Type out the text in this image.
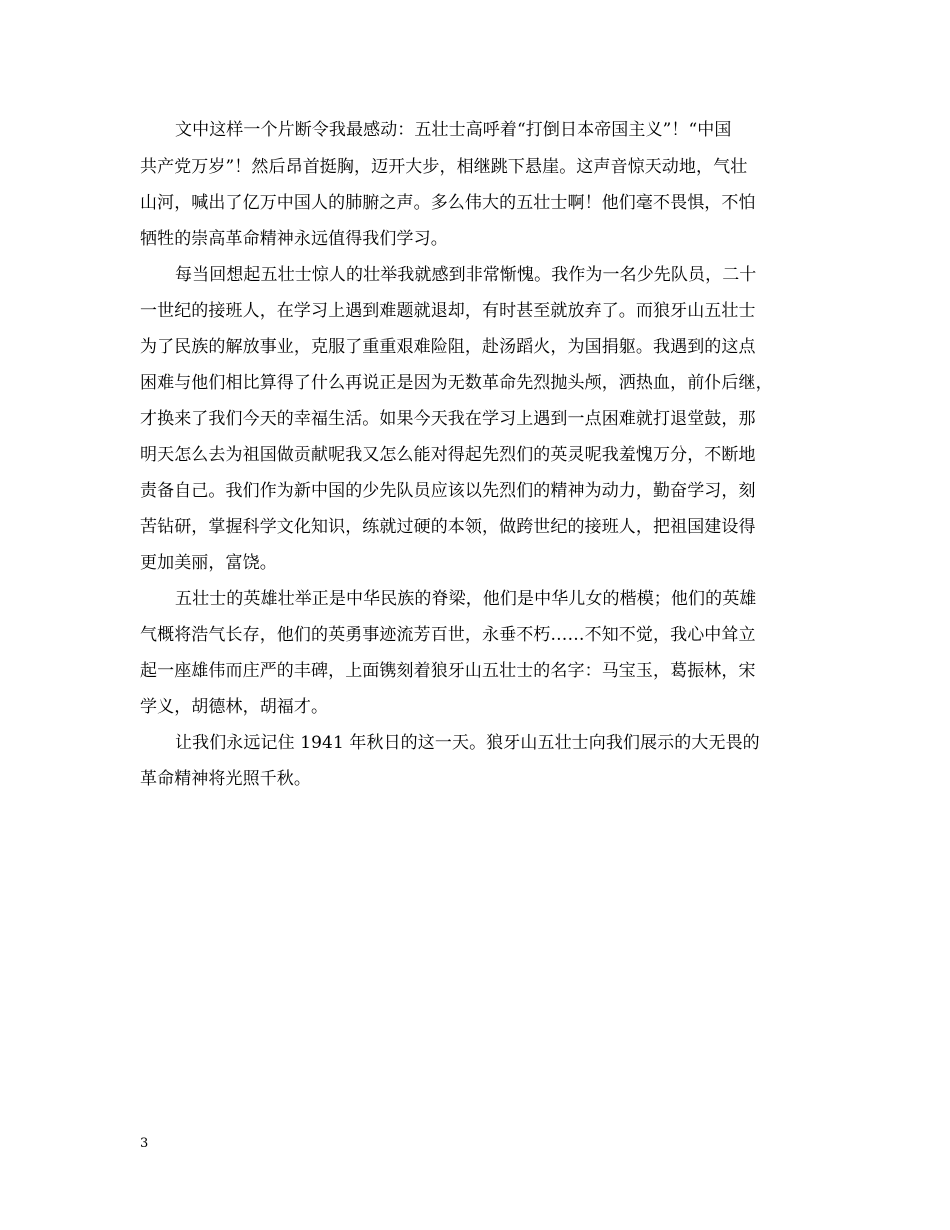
文中这样一个片断令我最感动：五壮士高呼着“打倒日本帝国主义”！“中国
共产党万岁”！然后昂首挺胸，迈开大步，相继跳下悬崖。这声音惊天动地，气壮
山河，喊出了亿万中国人的肺腑之声。多么伟大的五壮士啊！他们毫不畏惧，不怕
牺牲的崇高革命精神永远值得我们学习。
每当回想起五壮士惊人的壮举我就感到非常惭愧。我作为一名少先队员，二十
一世纪的接班人，在学习上遇到难题就退却，有时甚至就放弃了。而狼牙山五壮士
为了民族的解放事业，克服了重重艰难险阻，赴汤蹈火，为国捐躯。我遇到的这点
困难与他们相比算得了什么再说正是因为无数革命先烈抛头颅，洒热血，前仆后继，
才换来了我们今天的幸福生活。如果今天我在学习上遇到一点困难就打退堂鼓，那
明天怎么去为祖国做贡献呢我又怎么能对得起先烈们的英灵呢我羞愧万分，不断地
责备自己。我们作为新中国的少先队员应该以先烈们的精神为动力，勤奋学习，刻
苦钻研，掌握科学文化知识，练就过硬的本领，做跨世纪的接班人，把祖国建设得
更加美丽，富饶。
五壮士的英雄壮举正是中华民族的脊梁，他们是中华儿女的楷模；他们的英雄
气概将浩气长存，他们的英勇事迹流芳百世，永垂不朽……不知不觉，我心中耸立
起一座雄伟而庄严的丰碑，上面镌刻着狼牙山五壮士的名字：马宝玉，葛振林，宋
学义，胡德林，胡福才。
让我们永远记住 1941 年秋日的这一天。狼牙山五壮士向我们展示的大无畏的
革命精神将光照千秋。
3
